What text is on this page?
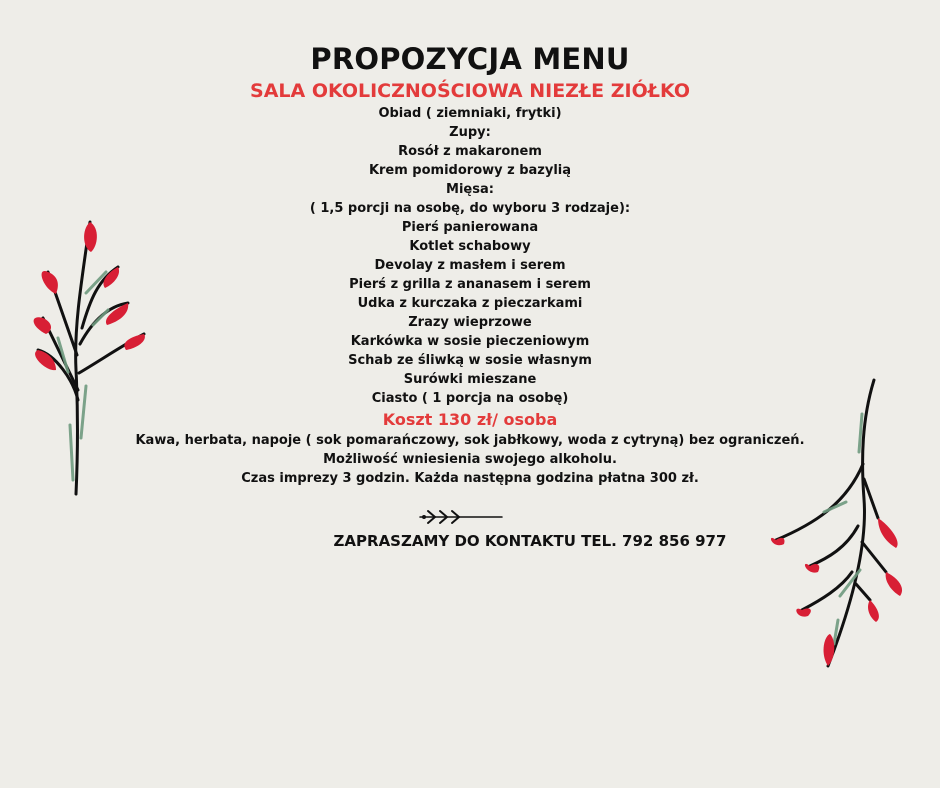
PROPOZYCJA MENU
SALA OKOLICZNOŚCIOWA NIEZŁE ZIÓŁKO
Obiad ( ziemniaki, frytki)
Zupy:
Rosół z makaronem
Krem pomidorowy z bazylią
Mięsa:
( 1,5 porcji na osobę, do wyboru 3 rodzaje):
Pierś panierowana
Kotlet schabowy
Devolay z masłem i serem
Pierś z grilla z ananasem i serem
Udka z kurczaka z pieczarkami
Zrazy wieprzowe
Karkówka w sosie pieczeniowym
Schab ze śliwką w sosie własnym
Surówki mieszane
Ciasto ( 1 porcja na osobę)
Koszt 130 zł/ osoba
Kawa, herbata, napoje ( sok pomarańczowy, sok jabłkowy, woda z cytryną) bez ograniczeń.
Możliwość wniesienia swojego alkoholu.
Czas imprezy 3 godzin. Każda następna godzina płatna 300 zł.
ZAPRASZAMY DO KONTAKTU TEL. 792 856 977
